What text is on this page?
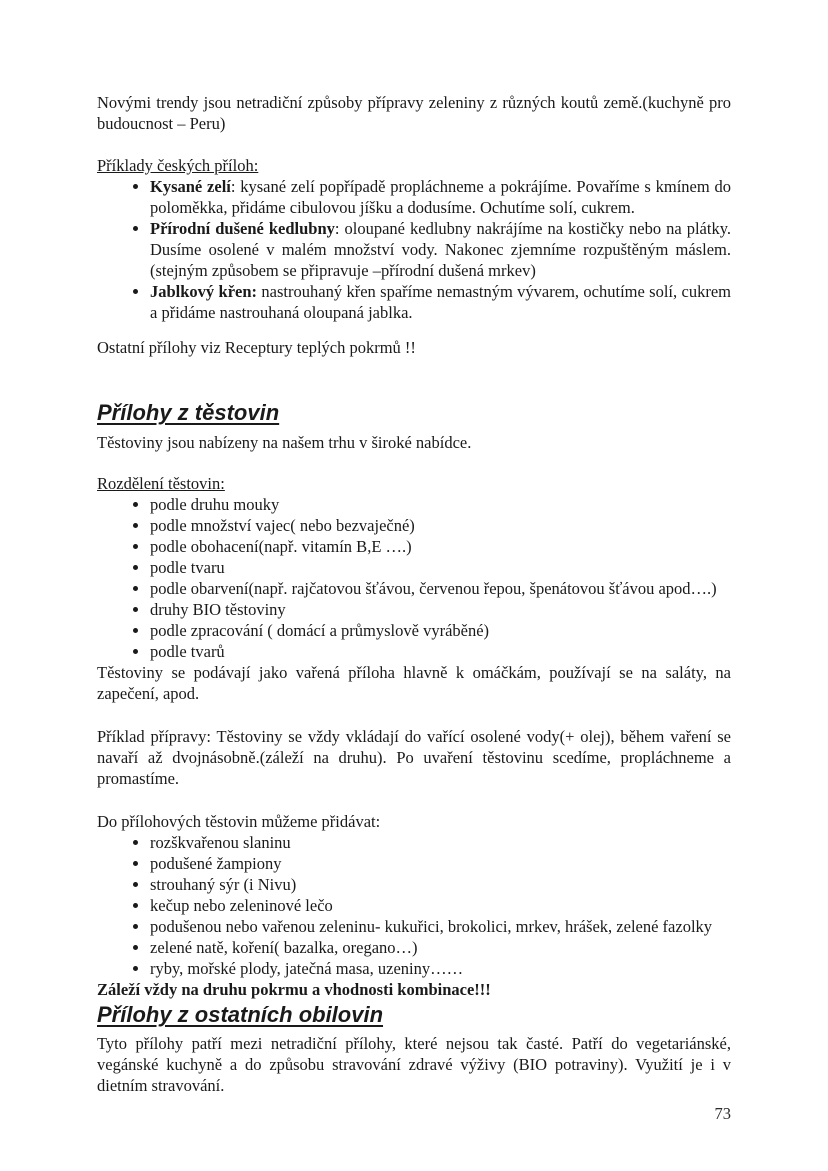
Novými trendy jsou netradiční způsoby přípravy zeleniny z různých koutů země.(kuchyně pro budoucnost – Peru)

Příklady českých příloh:

• Kysané zelí: kysané zelí popřípadě propláchneme a pokrájíme. Povaříme s kmínem do poloměkka, přidáme cibulovou jíšku a dodusíme. Ochutíme solí, cukrem.
• Přírodní dušené kedlubny: oloupané kedlubny nakrájíme na kostičky nebo na plátky. Dusíme osolené v malém množství vody. Nakonec zjemníme rozpuštěným máslem. (stejným způsobem se připravuje –přírodní dušená mrkev)
• Jablkový křen: nastrouhaný křen spaříme nemastným vývarem, ochutíme solí, cukrem a přidáme nastrouhaná oloupaná jablka.

Ostatní přílohy viz Receptury teplých pokrmů !!

Přílohy z těstovin

Těstoviny jsou nabízeny na našem trhu v široké nabídce.

Rozdělení těstovin:

• podle druhu mouky
• podle množství vajec( nebo bezvaječné)
• podle obohacení(např. vitamín B,E ….)
• podle tvaru
• podle obarvení(např. rajčatovou šťávou, červenou řepou, špenátovou šťávou apod….)
• druhy BIO těstoviny
• podle zpracování ( domácí a průmyslově vyráběné)
• podle tvarů

Těstoviny se podávají jako vařená příloha hlavně k omáčkám, používají se na saláty, na zapečení, apod.

Příklad přípravy: Těstoviny se vždy vkládají do vařící osolené vody(+ olej), během vaření se navaří až dvojnásobně.(záleží na druhu). Po uvaření těstovinu scedíme, propláchneme a promastíme.

Do přílohových těstovin můžeme přidávat:

• rozškvařenou slaninu
• podušené žampiony
• strouhaný sýr (i Nivu)
• kečup nebo zeleninové lečo
• podušenou nebo vařenou zeleninu- kukuřici, brokolici, mrkev, hrášek, zelené fazolky
• zelené natě, koření( bazalka, oregano…)
• ryby, mořské plody, jatečná masa, uzeniny……

Záleží vždy na druhu pokrmu a vhodnosti kombinace!!!

Přílohy z ostatních obilovin

Tyto přílohy patří mezi netradiční přílohy, které nejsou tak časté. Patří do vegetariánské, vegánské kuchyně a do způsobu stravování zdravé výživy (BIO potraviny). Využití je i v dietním stravování.

73
